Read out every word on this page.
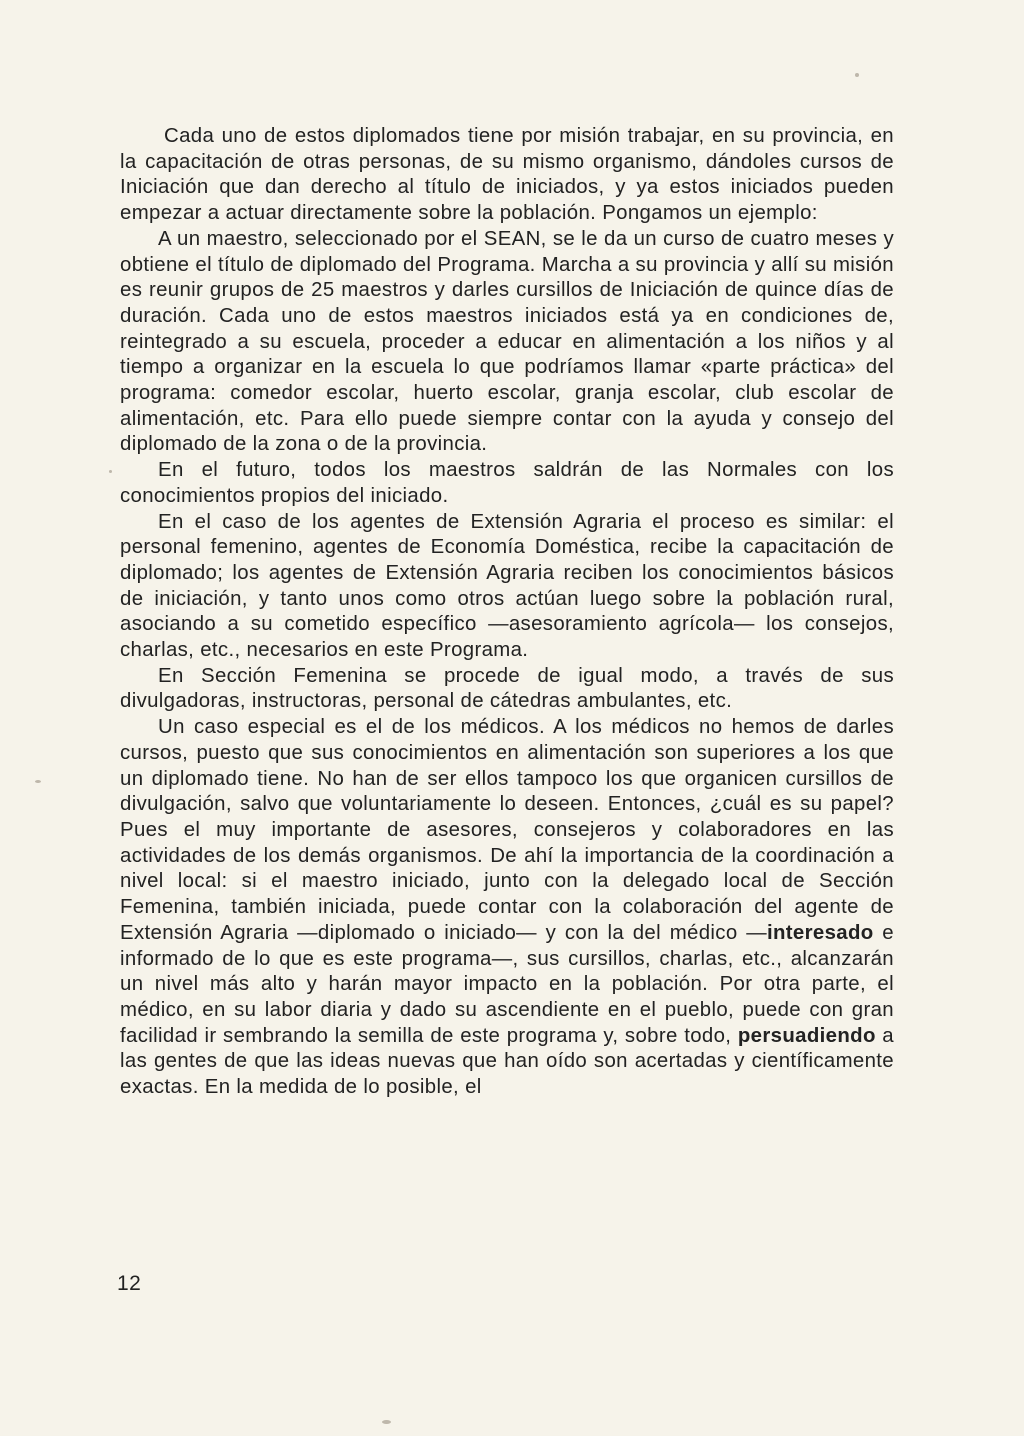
Cada uno de estos diplomados tiene por misión trabajar, en su provincia, en la capacitación de otras personas, de su mismo organismo, dándoles cursos de Iniciación que dan derecho al título de iniciados, y ya estos iniciados pueden empezar a actuar directamente sobre la población. Pongamos un ejemplo:

A un maestro, seleccionado por el SEAN, se le da un curso de cuatro meses y obtiene el título de diplomado del Programa. Marcha a su provincia y allí su misión es reunir grupos de 25 maestros y darles cursillos de Iniciación de quince días de duración. Cada uno de estos maestros iniciados está ya en condiciones de, reintegrado a su escuela, proceder a educar en alimentación a los niños y al tiempo a organizar en la escuela lo que podríamos llamar «parte práctica» del programa: comedor escolar, huerto escolar, granja escolar, club escolar de alimentación, etc. Para ello puede siempre contar con la ayuda y consejo del diplomado de la zona o de la provincia.

En el futuro, todos los maestros saldrán de las Normales con los conocimientos propios del iniciado.

En el caso de los agentes de Extensión Agraria el proceso es similar: el personal femenino, agentes de Economía Doméstica, recibe la capacitación de diplomado; los agentes de Extensión Agraria reciben los conocimientos básicos de iniciación, y tanto unos como otros actúan luego sobre la población rural, asociando a su cometido específico —asesoramiento agrícola— los consejos, charlas, etc., necesarios en este Programa.

En Sección Femenina se procede de igual modo, a través de sus divulgadoras, instructoras, personal de cátedras ambulantes, etc.

Un caso especial es el de los médicos. A los médicos no hemos de darles cursos, puesto que sus conocimientos en alimentación son superiores a los que un diplomado tiene. No han de ser ellos tampoco los que organicen cursillos de divulgación, salvo que voluntariamente lo deseen. Entonces, ¿cuál es su papel? Pues el muy importante de asesores, consejeros y colaboradores en las actividades de los demás organismos. De ahí la importancia de la coordinación a nivel local: si el maestro iniciado, junto con la delegado local de Sección Femenina, también iniciada, puede contar con la colaboración del agente de Extensión Agraria —diplomado o iniciado— y con la del médico —interesado e informado de lo que es este programa—, sus cursillos, charlas, etc., alcanzarán un nivel más alto y harán mayor impacto en la población. Por otra parte, el médico, en su labor diaria y dado su ascendiente en el pueblo, puede con gran facilidad ir sembrando la semilla de este programa y, sobre todo, persuadiendo a las gentes de que las ideas nuevas que han oído son acertadas y científicamente exactas. En la medida de lo posible, el

12
